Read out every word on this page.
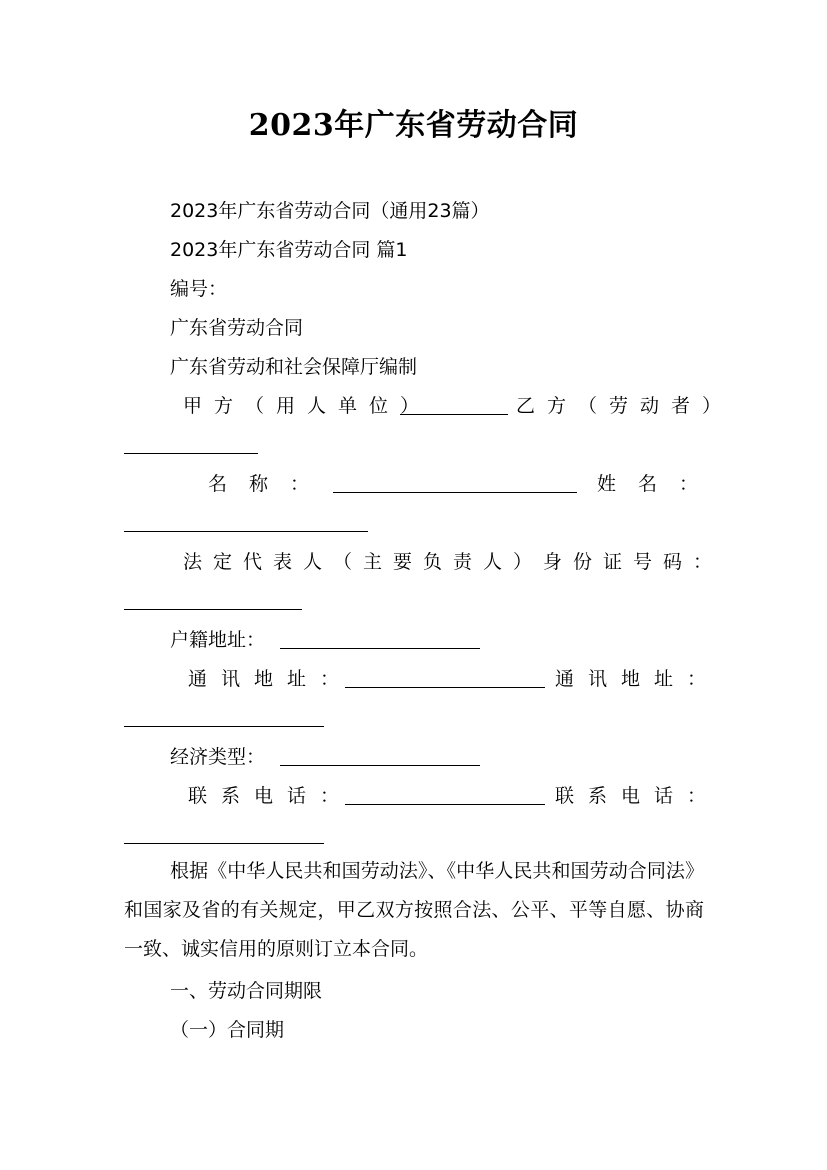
2023年广东省劳动合同
2023年广东省劳动合同（通用23篇）
2023年广东省劳动合同 篇1
编号：
广东省劳动合同
广东省劳动和社会保障厅编制
甲方（用人单位）	乙方（劳动者）
名称：	姓名：
法定代表人（主要负责人）身份证号码：
户籍地址：
通讯地址：	通讯地址：
经济类型：
联系电话：	联系电话：
根据《中华人民共和国劳动法》、《中华人民共和国劳动合同法》和国家及省的有关规定，甲乙双方按照合法、公平、平等自愿、协商一致、诚实信用的原则订立本合同。
一、劳动合同期限
（一）合同期
